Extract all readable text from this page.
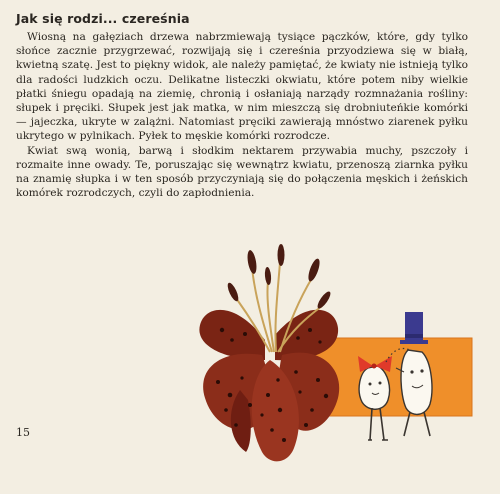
Jak się rodzi... czereśnia

Wiosną na gałęziach drzewa nabrzmiewają tysiące pączków, które, gdy tylko słońce zacznie przygrzewać, rozwijają się i czereśnia przyodziewa się w białą, kwietną szatę. Jest to piękny widok, ale należy pamiętać, że kwiaty nie istnieją tylko dla radości ludzkich oczu. Delikatne listeczki okwiatu, które potem niby wielkie płatki śniegu opadają na ziemię, chronią i osłaniają narządy rozmnażania rośliny: słupek i pręciki. Słupek jest jak matka, w nim mieszczą się drobniuteńkie komórki — jajeczka, ukryte w zalążni. Natomiast pręciki zawierają mnóstwo ziarenek pyłku ukrytego w pylnikach. Pyłek to męskie komórki rozrodcze.

Kwiat swą wonią, barwą i słodkim nektarem przywabia muchy, pszczoły i rozmaite inne owady. Te, poruszając się wewnątrz kwiatu, przenoszą ziarnka pyłku na znamię słupka i w ten sposób przyczyniają się do połączenia męskich i żeńskich komórek rozrodczych, czyli do zapłodnienia.

15
